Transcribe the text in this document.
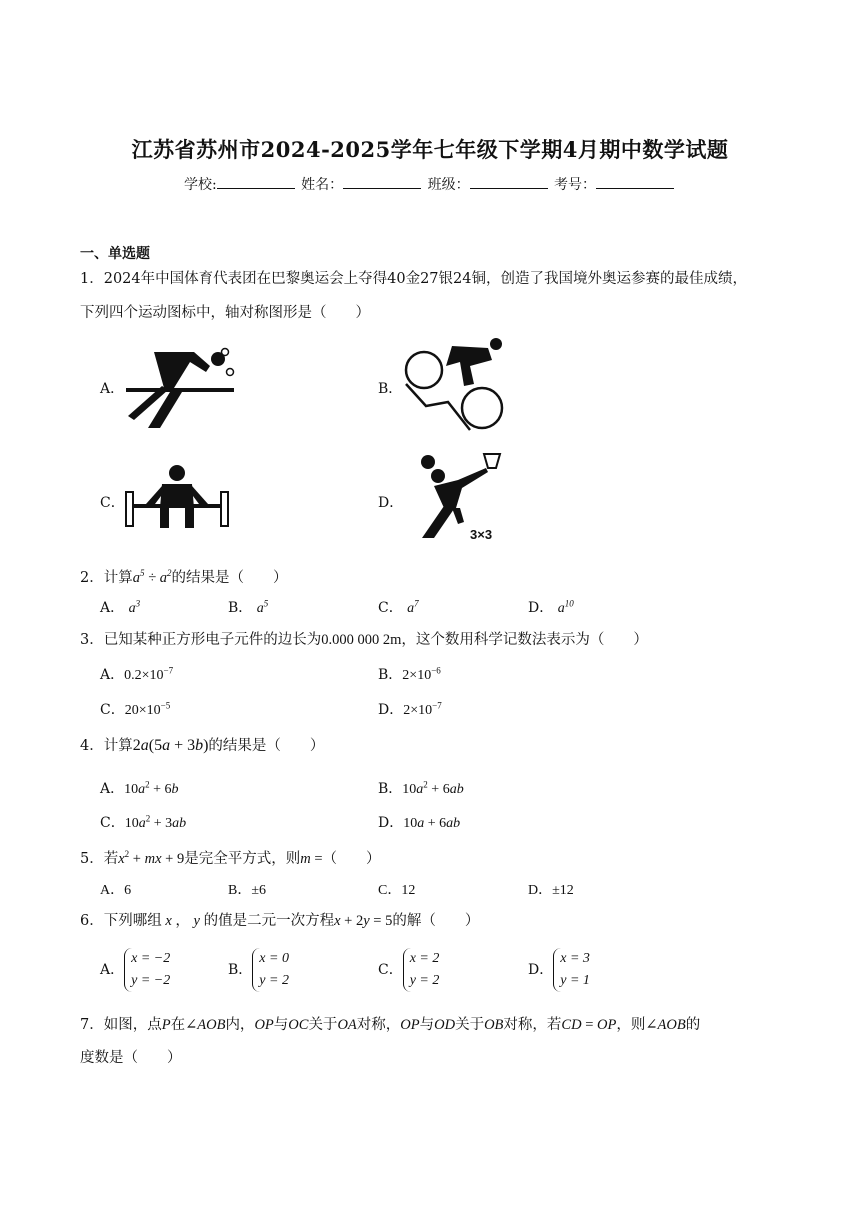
江苏省苏州市2024-2025学年七年级下学期4月期中数学试题
学校:	姓名：	班级：	考号：
一、单选题
1．2024年中国体育代表团在巴黎奥运会上夺得40金27银24铜，创造了我国境外奥运参赛的最佳成绩，
下列四个运动图标中，轴对称图形是（　　）
A．	B．
C．	D．
3×3
2．计算$a^5 \div a^2$的结果是（　　）
A． $a^3$	B． $a^5$	C． $a^7$	D． $a^{10}$
3．已知某种正方形电子元件的边长为0.000 000 2m，这个数用科学记数法表示为（　　）
A．$0.2\times 10^{-7}$	B．$2\times 10^{-6}$
C．$20\times 10^{-5}$	D．$2\times 10^{-7}$
4．计算2a(5a + 3b)的结果是（　　）
A．$10a^2 + 6b$	B．$10a^2 + 6ab$
C．$10a^2 + 3ab$	D．10a + 6ab
5．若$x^2$ + mx + 9是完全平方式，则m =（　　）
A．6	B．±6	C．12	D．±12
6．下列哪组 x ， y 的值是二元一次方程x + 2y = 5的解（　　）
A．x = −2
y = −2
B．x = 0
y = 2
C．x = 2
y = 2
D．x = 3
y = 1
7．如图，点P在∠AOB内，OP与OC关于OA对称，OP与OD关于OB对称，若CD = OP，则∠AOB的
度数是（　　）
